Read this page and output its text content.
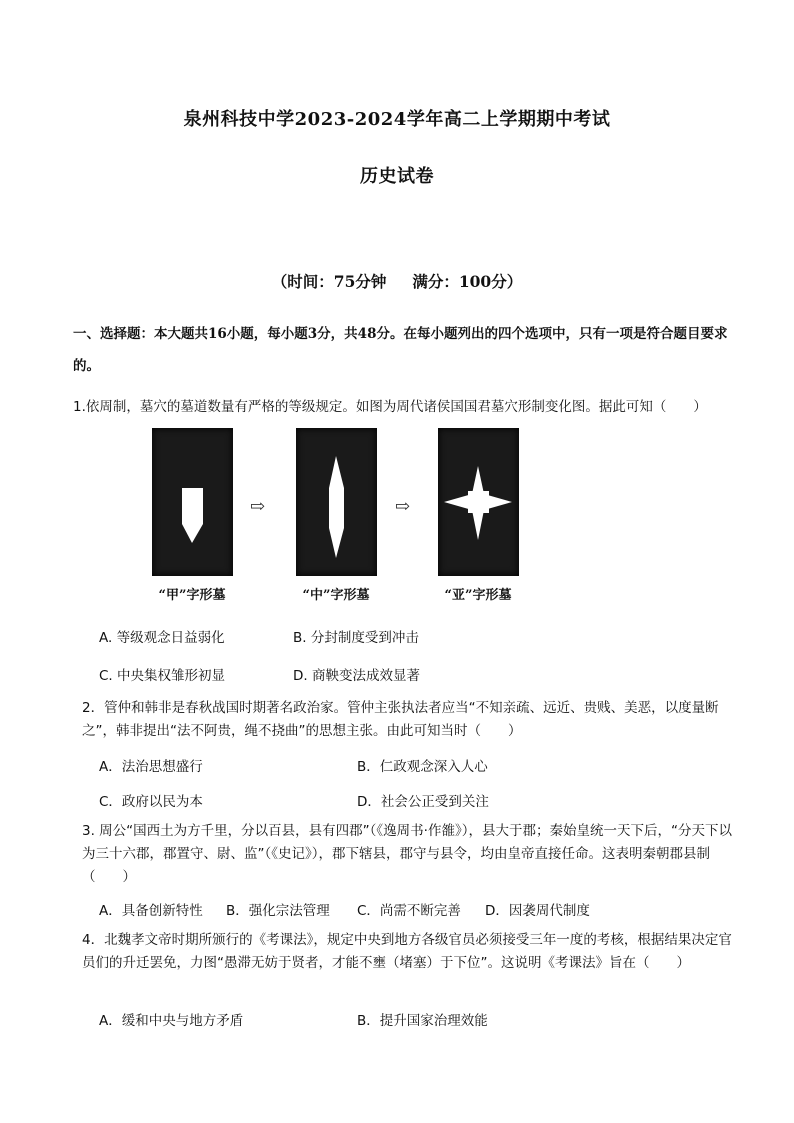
泉州科技中学2023-2024学年高二上学期期中考试
历史试卷
（时间：75分钟 满分：100分）
一、选择题：本大题共16小题，每小题3分，共48分。在每小题列出的四个选项中，只有一项是符合题目要求的。
1.依周制，墓穴的墓道数量有严格的等级规定。如图为周代诸侯国国君墓穴形制变化图。据此可知（　　）
⇨	⇨
“甲”字形墓	“中”字形墓	“亚”字形墓
A. 等级观念日益弱化	B. 分封制度受到冲击
C. 中央集权雏形初显	D. 商鞅变法成效显著
2．管仲和韩非是春秋战国时期著名政治家。管仲主张执法者应当“不知亲疏、远近、贵贱、美恶，以度量断之”，韩非提出“法不阿贵，绳不挠曲”的思想主张。由此可知当时（　　）
A．法治思想盛行	B．仁政观念深入人心
C．政府以民为本	D．社会公正受到关注
3. 周公“国西土为方千里，分以百县，县有四郡”（《逸周书·作雒》），县大于郡；秦始皇统一天下后，“分天下以为三十六郡，郡置守、尉、监”（《史记》），郡下辖县，郡守与县令，均由皇帝直接任命。这表明秦朝郡县制（　　）
A．具备创新特性 B．强化宗法管理 C．尚需不断完善 D．因袭周代制度
4．北魏孝文帝时期所颁行的《考课法》，规定中央到地方各级官员必须接受三年一度的考核，根据结果决定官员们的升迁罢免，力图“愚滞无妨于贤者，才能不壅（堵塞）于下位”。这说明《考课法》旨在（　　）
A．缓和中央与地方矛盾	B．提升国家治理效能
